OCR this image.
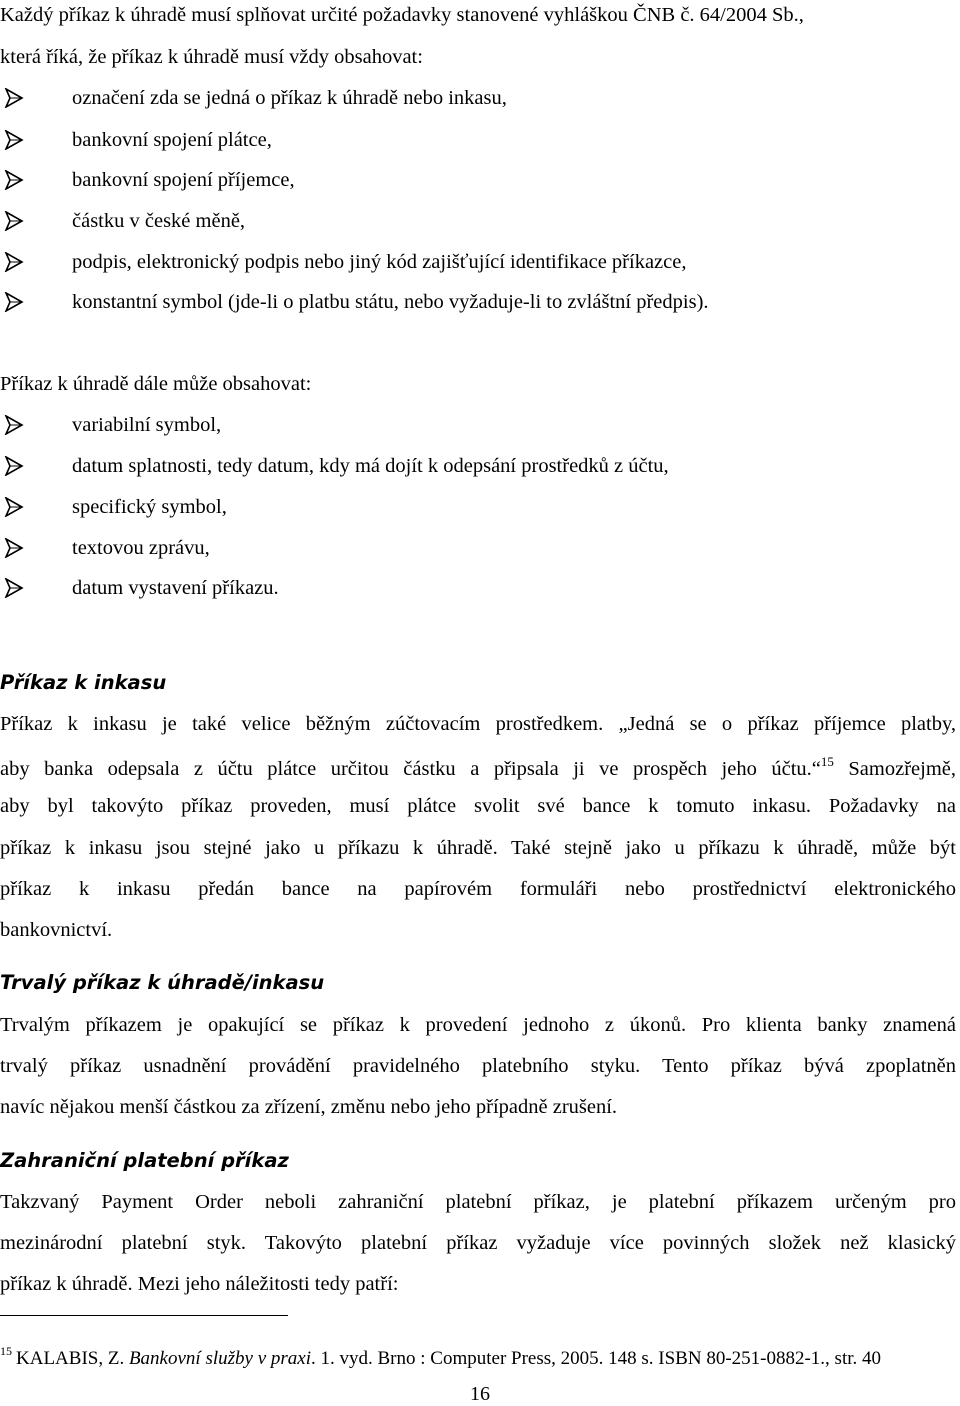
Každý příkaz k úhradě musí splňovat určité požadavky stanovené vyhláškou ČNB č. 64/2004 Sb.,
která říká, že příkaz k úhradě musí vždy obsahovat:
označení zda se jedná o příkaz k úhradě nebo inkasu,
bankovní spojení plátce,
bankovní spojení příjemce,
částku v české měně,
podpis, elektronický podpis nebo jiný kód zajišťující identifikace příkazce,
konstantní symbol (jde-li o platbu státu, nebo vyžaduje-li to zvláštní předpis).
Příkaz k úhradě dále může obsahovat:
variabilní symbol,
datum splatnosti, tedy datum, kdy má dojít k odepsání prostředků z účtu,
specifický symbol,
textovou zprávu,
datum vystavení příkazu.
Příkaz k inkasu
Příkaz k inkasu je také velice běžným zúčtovacím prostředkem. „Jedná se o příkaz příjemce platby,
aby banka odepsala z účtu plátce určitou částku a připsala ji ve prospěch jeho účtu.“$^{15}$ Samozřejmě,
aby byl takovýto příkaz proveden, musí plátce svolit své bance k tomuto inkasu. Požadavky na
příkaz k inkasu jsou stejné jako u příkazu k úhradě. Také stejně jako u příkazu k úhradě, může být
příkaz k inkasu předán bance na papírovém formuláři nebo prostřednictví elektronického
bankovnictví.
Trvalý příkaz k úhradě/inkasu
Trvalým příkazem je opakující se příkaz k provedení jednoho z úkonů. Pro klienta banky znamená
trvalý příkaz usnadnění provádění pravidelného platebního styku. Tento příkaz bývá zpoplatněn
navíc nějakou menší částkou za zřízení, změnu nebo jeho případně zrušení.
Zahraniční platební příkaz
Takzvaný Payment Order neboli zahraniční platební příkaz, je platební příkazem určeným pro
mezinárodní platební styk. Takovýto platební příkaz vyžaduje více povinných složek než klasický
příkaz k úhradě. Mezi jeho náležitosti tedy patří:
$^{15}$ KALABIS, Z. Bankovní služby v praxi. 1. vyd. Brno : Computer Press, 2005. 148 s. ISBN 80-251-0882-1., str. 40
16
